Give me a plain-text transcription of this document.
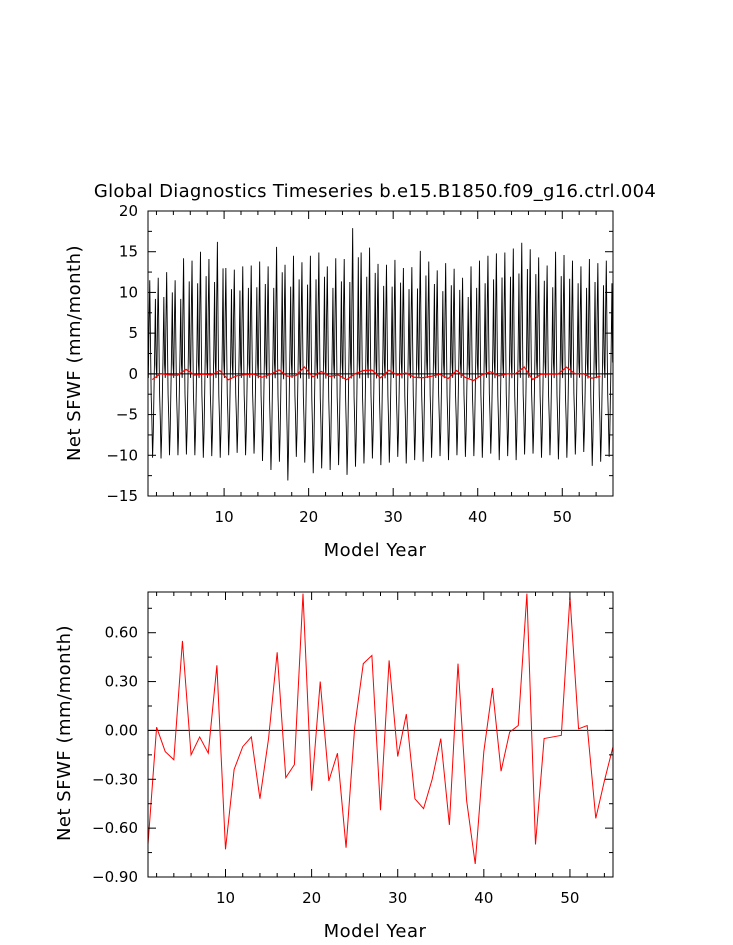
Global Diagnostics Timeseries b.e15.B1850.f09_g16.ctrl.004
−15
−10
−5
0
5
10
15
20
10	20	30	40	50
Model Year
Net SFWF (mm/month)
−0.90
−0.60
−0.30
0.00
0.30
0.60
10	20	30	40	50
Model Year
Net SFWF (mm/month)
